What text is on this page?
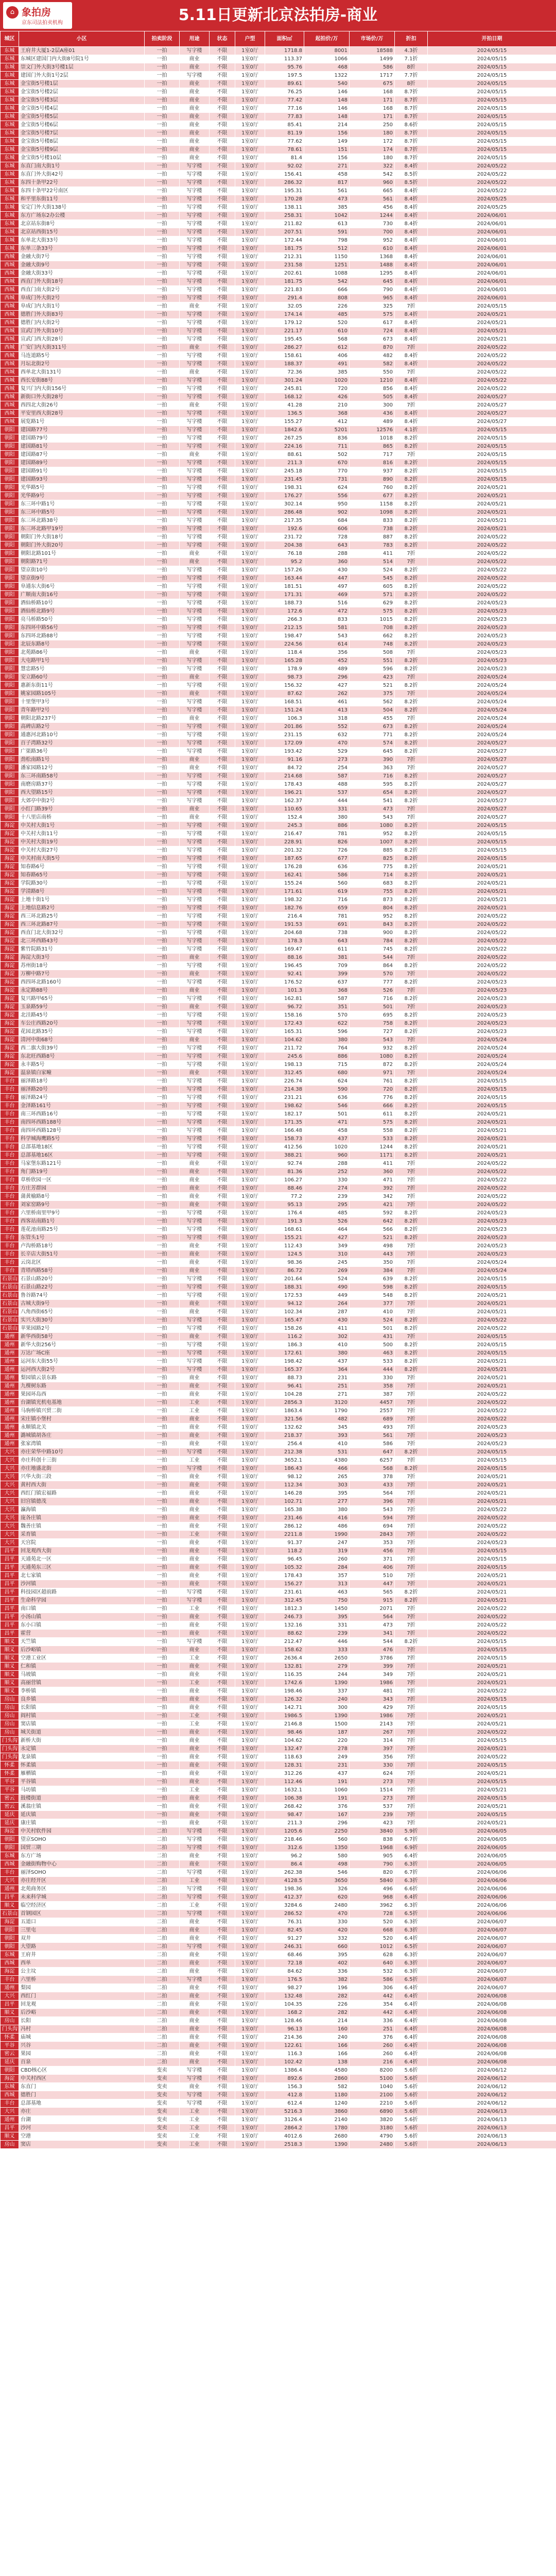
⌂ 象拍房
京东司法拍卖机构	5.11日更新北京法拍房-商业
城区	小区	拍卖阶段	用途	状态	户型	面积㎡	起拍价/万	市场价/万	折扣	开拍日期
东城	王府井大厦1-2层A座01	一拍	写字楼	不限	1室0厅	1718.8	8001	18588	4.3折	2024/05/15
东城	东城区建国门内大街8号院1号	一拍	商业	不限	1室0厅	113.37	1066	1499	7.1折	2024/05/15
东城	崇文门外大街3号楼1层	一拍	商业	不限	1室0厅	95.76	468	586	8折	2024/05/15
东城	建国门外大街1号2层	一拍	写字楼	不限	1室0厅	197.5	1322	1717	7.7折	2024/05/15
东城	金宝街5号楼1层	一拍	商业	不限	1室0厅	89.61	540	675	8折	2024/05/15
东城	金宝街5号楼2层	一拍	商业	不限	1室0厅	76.25	146	168	8.7折	2024/05/15
东城	金宝街5号楼3层	一拍	商业	不限	1室0厅	77.42	148	171	8.7折	2024/05/15
东城	金宝街5号楼4层	一拍	商业	不限	1室0厅	77.16	146	168	8.7折	2024/05/15
东城	金宝街5号楼5层	一拍	商业	不限	1室0厅	77.83	148	171	8.7折	2024/05/15
东城	金宝街5号楼6层	一拍	商业	不限	1室0厅	85.41	214	250	8.6折	2024/05/15
东城	金宝街5号楼7层	一拍	商业	不限	1室0厅	81.19	156	180	8.7折	2024/05/15
东城	金宝街5号楼8层	一拍	商业	不限	1室0厅	77.62	149	172	8.7折	2024/05/15
东城	金宝街5号楼9层	一拍	商业	不限	1室0厅	78.61	151	174	8.7折	2024/05/15
东城	金宝街5号楼10层	一拍	商业	不限	1室0厅	81.4	156	180	8.7折	2024/05/15
东城	东直门南大街1号	一拍	写字楼	不限	1室0厅	92.02	271	322	8.4折	2024/05/22
东城	东直门外大街42号	一拍	写字楼	不限	1室0厅	156.41	458	542	8.5折	2024/05/22
东城	东四十条甲22号	一拍	写字楼	不限	1室0厅	286.32	817	960	8.5折	2024/05/22
东城	东四十条甲22号南区	一拍	写字楼	不限	1室0厅	195.31	561	665	8.4折	2024/05/22
东城	和平里东街11号	一拍	写字楼	不限	1室0厅	170.28	473	561	8.4折	2024/05/25
东城	安定门外大街138号	一拍	写字楼	不限	1室0厅	138.11	385	456	8.4折	2024/05/25
东城	东方广场东2办公楼	一拍	写字楼	不限	1室0厅	258.31	1042	1244	8.4折	2024/06/01
东城	北京站东街8号	一拍	写字楼	不限	1室0厅	211.82	613	730	8.4折	2024/06/01
东城	北京站西街15号	一拍	写字楼	不限	1室0厅	207.51	591	700	8.4折	2024/06/01
东城	东单北大街33号	一拍	写字楼	不限	1室0厅	172.44	798	952	8.4折	2024/06/01
东城	东单三条33号	一拍	写字楼	不限	1室0厅	181.75	512	610	8.4折	2024/06/01
西城	金融大街7号	一拍	写字楼	不限	1室0厅	212.31	1150	1368	8.4折	2024/06/01
西城	金融大街9号	一拍	写字楼	不限	1室0厅	231.58	1251	1488	8.4折	2024/06/01
西城	金融大街33号	一拍	写字楼	不限	1室0厅	202.61	1088	1295	8.4折	2024/06/01
西城	西直门外大街18号	一拍	写字楼	不限	1室0厅	181.75	542	645	8.4折	2024/06/01
西城	西直门南大街2号	一拍	写字楼	不限	1室0厅	221.83	666	790	8.4折	2024/06/01
西城	阜成门外大街2号	一拍	写字楼	不限	1室0厅	291.4	808	965	8.4折	2024/06/01
西城	阜成门内大街1号	一拍	商业	不限	1室0厅	32.05	226	325	7折	2024/05/15
西城	德胜门外大街83号	一拍	写字楼	不限	1室0厅	174.14	485	575	8.4折	2024/05/21
西城	德胜门内大街2号	一拍	写字楼	不限	1室0厅	179.12	520	617	8.4折	2024/05/21
西城	宣武门外大街10号	一拍	写字楼	不限	1室0厅	221.17	610	724	8.4折	2024/05/21
西城	宣武门西大街28号	一拍	写字楼	不限	1室0厅	195.45	568	673	8.4折	2024/05/21
西城	广安门内大街311号	一拍	商业	不限	1室0厅	286.27	612	870	7折	2024/05/22
西城	马连道路5号	一拍	写字楼	不限	1室0厅	158.61	406	482	8.4折	2024/05/22
西城	月坛北街2号	一拍	写字楼	不限	1室0厅	188.37	491	582	8.4折	2024/05/22
西城	西单北大街131号	一拍	商业	不限	1室0厅	72.36	385	550	7折	2024/05/22
西城	西长安街88号	一拍	写字楼	不限	1室0厅	301.24	1020	1210	8.4折	2024/05/22
西城	复兴门内大街156号	一拍	写字楼	不限	1室0厅	245.81	720	856	8.4折	2024/05/22
西城	新街口外大街28号	一拍	写字楼	不限	1室0厅	168.12	426	505	8.4折	2024/05/27
西城	西四北大街26号	一拍	商业	不限	1室0厅	41.28	210	300	7折	2024/05/27
西城	平安里西大街28号	一拍	写字楼	不限	1室0厅	136.5	368	436	8.4折	2024/05/27
西城	展览路1号	一拍	写字楼	不限	1室0厅	155.27	412	489	8.4折	2024/05/27
朝阳	建国路77号	一拍	写字楼	不限	1室0厅	1842.6	5201	12576	4.1折	2024/05/15
朝阳	建国路79号	一拍	写字楼	不限	1室0厅	267.25	836	1018	8.2折	2024/05/15
朝阳	建国路81号	一拍	写字楼	不限	1室0厅	224.16	711	865	8.2折	2024/05/15
朝阳	建国路87号	一拍	商业	不限	1室0厅	88.61	502	717	7折	2024/05/15
朝阳	建国路89号	一拍	写字楼	不限	1室0厅	211.3	670	816	8.2折	2024/05/15
朝阳	建国路91号	一拍	写字楼	不限	1室0厅	245.18	770	937	8.2折	2024/05/15
朝阳	建国路93号	一拍	写字楼	不限	1室0厅	231.45	731	890	8.2折	2024/05/15
朝阳	光华路5号	一拍	写字楼	不限	1室0厅	198.31	624	760	8.2折	2024/05/21
朝阳	光华路9号	一拍	写字楼	不限	1室0厅	176.27	556	677	8.2折	2024/05/21
朝阳	东三环中路1号	一拍	写字楼	不限	1室0厅	302.14	950	1158	8.2折	2024/05/21
朝阳	东三环中路5号	一拍	写字楼	不限	1室0厅	286.48	902	1098	8.2折	2024/05/21
朝阳	东三环北路38号	一拍	写字楼	不限	1室0厅	217.35	684	833	8.2折	2024/05/21
朝阳	东三环北路甲19号	一拍	写字楼	不限	1室0厅	192.6	606	738	8.2折	2024/05/21
朝阳	朝阳门外大街18号	一拍	写字楼	不限	1室0厅	231.72	728	887	8.2折	2024/05/22
朝阳	朝阳门外大街20号	一拍	写字楼	不限	1室0厅	204.38	643	783	8.2折	2024/05/22
朝阳	朝阳北路101号	一拍	商业	不限	1室0厅	76.18	288	411	7折	2024/05/22
朝阳	朝阳路71号	一拍	商业	不限	1室0厅	95.2	360	514	7折	2024/05/22
朝阳	望京街10号	一拍	写字楼	不限	1室0厅	157.26	430	524	8.2折	2024/05/22
朝阳	望京街9号	一拍	写字楼	不限	1室0厅	163.44	447	545	8.2折	2024/05/22
朝阳	阜通东大街6号	一拍	写字楼	不限	1室0厅	181.51	497	605	8.2折	2024/05/22
朝阳	广顺南大街16号	一拍	写字楼	不限	1室0厅	171.31	469	571	8.2折	2024/05/22
朝阳	酒仙桥路10号	一拍	写字楼	不限	1室0厅	188.73	516	629	8.2折	2024/05/23
朝阳	酒仙桥北路9号	一拍	写字楼	不限	1室0厅	172.6	472	575	8.2折	2024/05/23
朝阳	亮马桥路50号	一拍	写字楼	不限	1室0厅	266.3	833	1015	8.2折	2024/05/23
朝阳	东四环中路56号	一拍	写字楼	不限	1室0厅	212.15	581	708	8.2折	2024/05/23
朝阳	东四环北路88号	一拍	写字楼	不限	1室0厅	198.47	543	662	8.2折	2024/05/23
朝阳	北辰东路8号	一拍	写字楼	不限	1室0厅	224.56	614	748	8.2折	2024/05/23
朝阳	北苑路86号	一拍	商业	不限	1室0厅	118.4	356	508	7折	2024/05/23
朝阳	大屯路甲1号	一拍	写字楼	不限	1室0厅	165.28	452	551	8.2折	2024/05/23
朝阳	慧忠路5号	一拍	写字楼	不限	1室0厅	178.9	489	596	8.2折	2024/05/23
朝阳	安立路60号	一拍	商业	不限	1室0厅	98.73	296	423	7折	2024/05/24
朝阳	惠新东街11号	一拍	写字楼	不限	1室0厅	156.32	427	521	8.2折	2024/05/24
朝阳	姚家园路105号	一拍	商业	不限	1室0厅	87.62	262	375	7折	2024/05/24
朝阳	十里堡甲3号	一拍	写字楼	不限	1室0厅	168.51	461	562	8.2折	2024/05/24
朝阳	青年路甲2号	一拍	写字楼	不限	1室0厅	151.24	413	504	8.2折	2024/05/24
朝阳	朝阳北路237号	一拍	商业	不限	1室0厅	106.3	318	455	7折	2024/05/24
朝阳	高碑店路2号	一拍	写字楼	不限	1室0厅	201.86	552	673	8.2折	2024/05/24
朝阳	通惠河北路10号	一拍	写字楼	不限	1室0厅	231.15	632	771	8.2折	2024/05/24
朝阳	百子湾路32号	一拍	写字楼	不限	1室0厅	172.09	470	574	8.2折	2024/05/27
朝阳	广渠路36号	一拍	写字楼	不限	1室0厅	193.42	529	645	8.2折	2024/05/27
朝阳	劲松南路1号	一拍	商业	不限	1室0厅	91.16	273	390	7折	2024/05/27
朝阳	潘家园路12号	一拍	商业	不限	1室0厅	84.72	254	363	7折	2024/05/27
朝阳	东三环南路58号	一拍	写字楼	不限	1室0厅	214.68	587	716	8.2折	2024/05/27
朝阳	南磨房路37号	一拍	写字楼	不限	1室0厅	178.43	488	595	8.2折	2024/05/27
朝阳	西大望路15号	一拍	写字楼	不限	1室0厅	196.21	537	654	8.2折	2024/05/27
朝阳	大郊亭中街2号	一拍	写字楼	不限	1室0厅	162.37	444	541	8.2折	2024/05/27
朝阳	小红门路39号	一拍	商业	不限	1室0厅	110.65	331	473	7折	2024/05/27
朝阳	十八里店南桥	一拍	商业	不限	1室0厅	152.4	380	543	7折	2024/05/27
海淀	中关村大街1号	一拍	写字楼	不限	1室0厅	245.3	886	1080	8.2折	2024/05/15
海淀	中关村大街11号	一拍	写字楼	不限	1室0厅	216.47	781	952	8.2折	2024/05/15
海淀	中关村大街19号	一拍	写字楼	不限	1室0厅	228.91	826	1007	8.2折	2024/05/15
海淀	中关村大街27号	一拍	写字楼	不限	1室0厅	201.32	726	885	8.2折	2024/05/15
海淀	中关村南大街5号	一拍	写字楼	不限	1室0厅	187.65	677	825	8.2折	2024/05/15
海淀	知春路6号	一拍	写字楼	不限	1室0厅	176.28	636	775	8.2折	2024/05/21
海淀	知春路65号	一拍	写字楼	不限	1室0厅	162.41	586	714	8.2折	2024/05/21
海淀	学院路30号	一拍	写字楼	不限	1室0厅	155.24	560	683	8.2折	2024/05/21
海淀	学清路8号	一拍	写字楼	不限	1室0厅	171.61	619	755	8.2折	2024/05/21
海淀	上地十街1号	一拍	写字楼	不限	1室0厅	198.32	716	873	8.2折	2024/05/21
海淀	上地信息路2号	一拍	写字楼	不限	1室0厅	182.76	659	804	8.2折	2024/05/21
海淀	西三环北路25号	一拍	写字楼	不限	1室0厅	216.4	781	952	8.2折	2024/05/22
海淀	西三环北路87号	一拍	写字楼	不限	1室0厅	191.53	691	843	8.2折	2024/05/22
海淀	西直门北大街32号	一拍	写字楼	不限	1室0厅	204.68	738	900	8.2折	2024/05/22
海淀	北三环西路43号	一拍	写字楼	不限	1室0厅	178.3	643	784	8.2折	2024/05/22
海淀	紫竹院路31号	一拍	写字楼	不限	1室0厅	169.47	611	745	8.2折	2024/05/22
海淀	海淀大街3号	一拍	商业	不限	1室0厅	88.16	381	544	7折	2024/05/22
海淀	苏州街18号	一拍	写字楼	不限	1室0厅	196.45	709	864	8.2折	2024/05/22
海淀	万柳中路7号	一拍	商业	不限	1室0厅	92.41	399	570	7折	2024/05/22
海淀	西四环北路160号	一拍	写字楼	不限	1室0厅	176.52	637	777	8.2折	2024/05/23
海淀	永定路88号	一拍	商业	不限	1室0厅	101.3	368	526	7折	2024/05/23
海淀	复兴路甲65号	一拍	写字楼	不限	1室0厅	162.81	587	716	8.2折	2024/05/23
海淀	玉泉路59号	一拍	商业	不限	1室0厅	96.72	351	501	7折	2024/05/23
海淀	北洼路45号	一拍	写字楼	不限	1室0厅	158.16	570	695	8.2折	2024/05/23
海淀	车公庄西路20号	一拍	写字楼	不限	1室0厅	172.43	622	758	8.2折	2024/05/23
海淀	花园北路35号	一拍	写字楼	不限	1室0厅	165.31	596	727	8.2折	2024/05/23
海淀	清河中街68号	一拍	商业	不限	1室0厅	104.62	380	543	7折	2024/05/24
海淀	西二旗大街39号	一拍	写字楼	不限	1室0厅	211.72	764	932	8.2折	2024/05/24
海淀	东北旺西路8号	一拍	写字楼	不限	1室0厅	245.6	886	1080	8.2折	2024/05/24
海淀	永丰路5号	一拍	写字楼	不限	1室0厅	198.13	715	872	8.2折	2024/05/24
海淀	温泉镇白家疃	一拍	商业	不限	1室0厅	312.45	680	971	7折	2024/05/24
丰台	丽泽路18号	一拍	写字楼	不限	1室0厅	226.74	624	761	8.2折	2024/05/15
丰台	丽泽路20号	一拍	写字楼	不限	1室0厅	214.38	590	720	8.2折	2024/05/15
丰台	丽泽路24号	一拍	写字楼	不限	1室0厅	231.21	636	776	8.2折	2024/05/15
丰台	金泽路161号	一拍	写字楼	不限	1室0厅	198.62	546	666	8.2折	2024/05/15
丰台	南三环西路16号	一拍	写字楼	不限	1室0厅	182.17	501	611	8.2折	2024/05/21
丰台	南四环西路188号	一拍	写字楼	不限	1室0厅	171.35	471	575	8.2折	2024/05/21
丰台	南四环西路128号	一拍	写字楼	不限	1室0厅	166.48	458	558	8.2折	2024/05/21
丰台	科学城海鹰路5号	一拍	写字楼	不限	1室0厅	158.73	437	533	8.2折	2024/05/21
丰台	总部基地18区	一拍	写字楼	不限	1室0厅	412.56	1020	1244	8.2折	2024/05/21
丰台	总部基地16区	一拍	写字楼	不限	1室0厅	388.21	960	1171	8.2折	2024/05/21
丰台	马家堡东路121号	一拍	商业	不限	1室0厅	92.74	288	411	7折	2024/05/22
丰台	角门路19号	一拍	商业	不限	1室0厅	81.36	252	360	7折	2024/05/22
丰台	草桥欣园一区	一拍	商业	不限	1室0厅	106.27	330	471	7折	2024/05/22
丰台	方庄芳群园	一拍	商业	不限	1室0厅	88.46	274	392	7折	2024/05/22
丰台	蒲黄榆路8号	一拍	商业	不限	1室0厅	77.2	239	342	7折	2024/05/22
丰台	刘家窑路9号	一拍	商业	不限	1室0厅	95.13	295	421	7折	2024/05/22
丰台	六里桥南里甲9号	一拍	写字楼	不限	1室0厅	176.4	485	592	8.2折	2024/05/23
丰台	西客站南路1号	一拍	写字楼	不限	1室0厅	191.3	526	642	8.2折	2024/05/23
丰台	莲花池南路25号	一拍	写字楼	不限	1室0厅	168.61	464	566	8.2折	2024/05/23
丰台	东管头1号	一拍	写字楼	不限	1室0厅	155.21	427	521	8.2折	2024/05/23
丰台	卢沟桥路18号	一拍	商业	不限	1室0厅	112.43	349	498	7折	2024/05/23
丰台	长辛店大街51号	一拍	商业	不限	1室0厅	124.5	310	443	7折	2024/05/23
丰台	云岗北区	一拍	商业	不限	1室0厅	98.36	245	350	7折	2024/05/24
丰台	青塔西路58号	一拍	商业	不限	1室0厅	86.72	269	384	7折	2024/05/24
石景山	石景山路20号	一拍	写字楼	不限	1室0厅	201.64	524	639	8.2折	2024/05/15
石景山	石景山路22号	一拍	写字楼	不限	1室0厅	188.31	490	598	8.2折	2024/05/15
石景山	鲁谷路74号	一拍	写字楼	不限	1室0厅	172.53	449	548	8.2折	2024/05/21
石景山	古城大街9号	一拍	商业	不限	1室0厅	94.12	264	377	7折	2024/05/21
石景山	八角西街65号	一拍	商业	不限	1室0厅	102.34	287	410	7折	2024/05/21
石景山	实兴大街30号	一拍	写字楼	不限	1室0厅	165.47	430	524	8.2折	2024/05/22
石景山	苹果园路2号	一拍	写字楼	不限	1室0厅	158.26	411	501	8.2折	2024/05/22
通州	新华西街58号	一拍	商业	不限	1室0厅	116.2	302	431	7折	2024/05/15
通州	新华大街256号	一拍	写字楼	不限	1室0厅	186.3	410	500	8.2折	2024/05/15
通州	万达广场C座	一拍	写字楼	不限	1室0厅	172.61	380	463	8.2折	2024/05/15
通州	运河东大街55号	一拍	写字楼	不限	1室0厅	198.42	437	533	8.2折	2024/05/21
通州	运河西大街2号	一拍	写字楼	不限	1室0厅	165.37	364	444	8.2折	2024/05/21
通州	梨园镇云景东路	一拍	商业	不限	1室0厅	88.73	231	330	7折	2024/05/21
通州	九棵树东路	一拍	商业	不限	1室0厅	96.41	251	358	7折	2024/05/21
通州	果园环岛西	一拍	商业	不限	1室0厅	104.28	271	387	7折	2024/05/22
通州	台湖镇光机电基地	一拍	工业	不限	1室0厅	2856.3	3120	4457	7折	2024/05/22
通州	马驹桥镇兴贸二街	一拍	工业	不限	1室0厅	1863.4	1790	2557	7折	2024/05/22
通州	宋庄镇小堡村	一拍	商业	不限	1室0厅	321.56	482	689	7折	2024/05/22
通州	永顺镇北关	一拍	商业	不限	1室0厅	132.62	345	493	7折	2024/05/23
通州	潞城镇胡各庄	一拍	商业	不限	1室0厅	218.37	393	561	7折	2024/05/23
通州	张家湾镇	一拍	商业	不限	1室0厅	256.4	410	586	7折	2024/05/23
大兴	亦庄荣华中路10号	一拍	写字楼	不限	1室0厅	212.38	531	647	8.2折	2024/05/15
大兴	亦庄科创十三街	一拍	工业	不限	1室0厅	3652.1	4380	6257	7折	2024/05/15
大兴	亦庄地盛北街	一拍	写字楼	不限	1室0厅	186.43	466	568	8.2折	2024/05/15
大兴	兴华大街三段	一拍	商业	不限	1室0厅	98.12	265	378	7折	2024/05/21
大兴	黄村西大街	一拍	商业	不限	1室0厅	112.34	303	433	7折	2024/05/21
大兴	西红门镇宏福路	一拍	商业	不限	1室0厅	146.28	395	564	7折	2024/05/21
大兴	旧宫镇德茂	一拍	商业	不限	1室0厅	102.71	277	396	7折	2024/05/21
大兴	瀛海镇	一拍	商业	不限	1室0厅	165.38	380	543	7折	2024/05/22
大兴	庞各庄镇	一拍	商业	不限	1室0厅	231.46	416	594	7折	2024/05/22
大兴	魏善庄镇	一拍	商业	不限	1室0厅	286.12	486	694	7折	2024/05/22
大兴	采育镇	一拍	工业	不限	1室0厅	2211.8	1990	2843	7折	2024/05/22
大兴	天宫院	一拍	商业	不限	1室0厅	91.37	247	353	7折	2024/05/23
昌平	回龙观西大街	一拍	商业	不限	1室0厅	118.2	319	456	7折	2024/05/15
昌平	天通苑北一区	一拍	商业	不限	1室0厅	96.45	260	371	7折	2024/05/15
昌平	天通苑东三区	一拍	商业	不限	1室0厅	105.32	284	406	7折	2024/05/15
昌平	北七家镇	一拍	商业	不限	1室0厅	178.43	357	510	7折	2024/05/21
昌平	沙河镇	一拍	商业	不限	1室0厅	156.27	313	447	7折	2024/05/21
昌平	科技园区超前路	一拍	写字楼	不限	1室0厅	231.61	463	565	8.2折	2024/05/21
昌平	生命科学园	一拍	写字楼	不限	1室0厅	312.45	750	915	8.2折	2024/05/21
昌平	南口镇	一拍	工业	不限	1室0厅	1812.3	1450	2071	7折	2024/05/22
昌平	小汤山镇	一拍	商业	不限	1室0厅	246.73	395	564	7折	2024/05/22
昌平	东小口镇	一拍	商业	不限	1室0厅	132.16	331	473	7折	2024/05/22
昌平	霍营	一拍	商业	不限	1室0厅	88.62	239	341	7折	2024/05/22
顺义	天竺镇	一拍	写字楼	不限	1室0厅	212.47	446	544	8.2折	2024/05/15
顺义	后沙峪镇	一拍	商业	不限	1室0厅	158.62	333	476	7折	2024/05/15
顺义	空港工业区	一拍	工业	不限	1室0厅	2636.4	2650	3786	7折	2024/05/15
顺义	仁和镇	一拍	商业	不限	1室0厅	132.81	279	399	7折	2024/05/21
顺义	马坡镇	一拍	商业	不限	1室0厅	116.35	244	349	7折	2024/05/21
顺义	高丽营镇	一拍	工业	不限	1室0厅	1742.6	1390	1986	7折	2024/05/21
顺义	李桥镇	一拍	商业	不限	1室0厅	198.46	337	481	7折	2024/05/22
房山	良乡镇	一拍	商业	不限	1室0厅	126.32	240	343	7折	2024/05/15
房山	长阳镇	一拍	商业	不限	1室0厅	142.71	300	429	7折	2024/05/15
房山	阎村镇	一拍	工业	不限	1室0厅	1986.5	1390	1986	7折	2024/05/21
房山	窦店镇	一拍	工业	不限	1室0厅	2146.8	1500	2143	7折	2024/05/21
房山	城关街道	一拍	商业	不限	1室0厅	98.46	187	267	7折	2024/05/22
门头沟	新桥大街	一拍	商业	不限	1室0厅	104.62	220	314	7折	2024/05/15
门头沟	永定镇	一拍	商业	不限	1室0厅	132.47	278	397	7折	2024/05/21
门头沟	龙泉镇	一拍	商业	不限	1室0厅	118.63	249	356	7折	2024/05/22
怀柔	怀柔镇	一拍	商业	不限	1室0厅	128.31	231	330	7折	2024/05/15
怀柔	雁栖镇	一拍	商业	不限	1室0厅	312.26	437	624	7折	2024/05/21
平谷	平谷镇	一拍	商业	不限	1室0厅	112.46	191	273	7折	2024/05/15
平谷	马坊镇	一拍	工业	不限	1室0厅	1632.1	1060	1514	7折	2024/05/21
密云	鼓楼街道	一拍	商业	不限	1室0厅	106.38	191	273	7折	2024/05/15
密云	溪翁庄镇	一拍	商业	不限	1室0厅	268.42	376	537	7折	2024/05/21
延庆	延庆镇	一拍	商业	不限	1室0厅	98.47	167	239	7折	2024/05/15
延庆	康庄镇	一拍	商业	不限	1室0厅	211.3	296	423	7折	2024/05/21
海淀	中关村软件园	二拍	写字楼	不限	1室0厅	1205.6	2250	3840	5.9折	2024/06/05
朝阳	望京SOHO	二拍	写字楼	不限	1室0厅	218.46	560	838	6.7折	2024/06/05
朝阳	国贸三期	二拍	写字楼	不限	1室0厅	312.6	1350	1968	6.9折	2024/06/05
东城	东方广场	二拍	商业	不限	1室0厅	96.2	580	905	6.4折	2024/06/05
西城	金融街购物中心	二拍	商业	不限	1室0厅	86.4	498	790	6.3折	2024/06/05
丰台	丽泽SOHO	二拍	写字楼	不限	1室0厅	262.38	546	820	6.7折	2024/06/06
大兴	亦庄经开区	二拍	工业	不限	1室0厅	4128.5	3650	5840	6.3折	2024/06/06
通州	北苑商务区	二拍	写字楼	不限	1室0厅	198.36	326	496	6.6折	2024/06/06
昌平	未来科学城	二拍	写字楼	不限	1室0厅	412.37	620	968	6.4折	2024/06/06
顺义	临空经济区	二拍	工业	不限	1室0厅	3284.6	2480	3962	6.3折	2024/06/06
石景山	首钢园区	二拍	写字楼	不限	1室0厅	286.52	470	728	6.5折	2024/06/06
海淀	五道口	二拍	商业	不限	1室0厅	76.31	330	520	6.3折	2024/06/07
朝阳	三里屯	二拍	商业	不限	1室0厅	82.45	420	668	6.3折	2024/06/07
朝阳	双井	二拍	商业	不限	1室0厅	91.27	332	520	6.4折	2024/06/07
朝阳	大望路	二拍	写字楼	不限	1室0厅	246.31	660	1012	6.5折	2024/06/07
东城	王府井	二拍	商业	不限	1室0厅	68.46	395	628	6.3折	2024/06/07
西城	西单	二拍	商业	不限	1室0厅	72.18	402	640	6.3折	2024/06/07
海淀	公主坟	二拍	商业	不限	1室0厅	84.62	336	532	6.3折	2024/06/07
丰台	六里桥	二拍	写字楼	不限	1室0厅	176.5	382	586	6.5折	2024/06/07
通州	梨园	二拍	商业	不限	1室0厅	98.27	196	306	6.4折	2024/06/07
大兴	西红门	二拍	商业	不限	1室0厅	132.48	282	442	6.4折	2024/06/08
昌平	回龙观	二拍	商业	不限	1室0厅	104.35	226	354	6.4折	2024/06/08
顺义	后沙峪	二拍	商业	不限	1室0厅	168.2	282	442	6.4折	2024/06/08
房山	长阳	二拍	商业	不限	1室0厅	128.46	214	336	6.4折	2024/06/08
门头沟	冯村	二拍	商业	不限	1室0厅	96.13	160	251	6.4折	2024/06/08
怀柔	庙城	二拍	商业	不限	1室0厅	214.36	240	376	6.4折	2024/06/08
平谷	兴谷	二拍	商业	不限	1室0厅	122.61	166	260	6.4折	2024/06/08
密云	果园	二拍	商业	不限	1室0厅	116.3	166	260	6.4折	2024/06/08
延庆	百泉	二拍	商业	不限	1室0厅	102.42	138	216	6.4折	2024/06/08
朝阳	CBD核心区	变卖	写字楼	不限	1室0厅	1386.4	4580	8200	5.6折	2024/06/12
海淀	中关村西区	变卖	写字楼	不限	1室0厅	892.6	2860	5100	5.6折	2024/06/12
东城	东直门	变卖	商业	不限	1室0厅	156.3	582	1040	5.6折	2024/06/12
西城	德胜门	变卖	写字楼	不限	1室0厅	412.8	1180	2100	5.6折	2024/06/12
丰台	总部基地	变卖	写字楼	不限	1室0厅	612.4	1240	2210	5.6折	2024/06/12
大兴	亦庄	变卖	工业	不限	1室0厅	5216.3	3860	6890	5.6折	2024/06/13
通州	台湖	变卖	工业	不限	1室0厅	3126.4	2140	3820	5.6折	2024/06/13
昌平	沙河	变卖	工业	不限	1室0厅	2864.2	1780	3180	5.6折	2024/06/13
顺义	空港	变卖	工业	不限	1室0厅	4012.6	2680	4790	5.6折	2024/06/13
房山	窦店	变卖	工业	不限	1室0厅	2518.3	1390	2480	5.6折	2024/06/13
